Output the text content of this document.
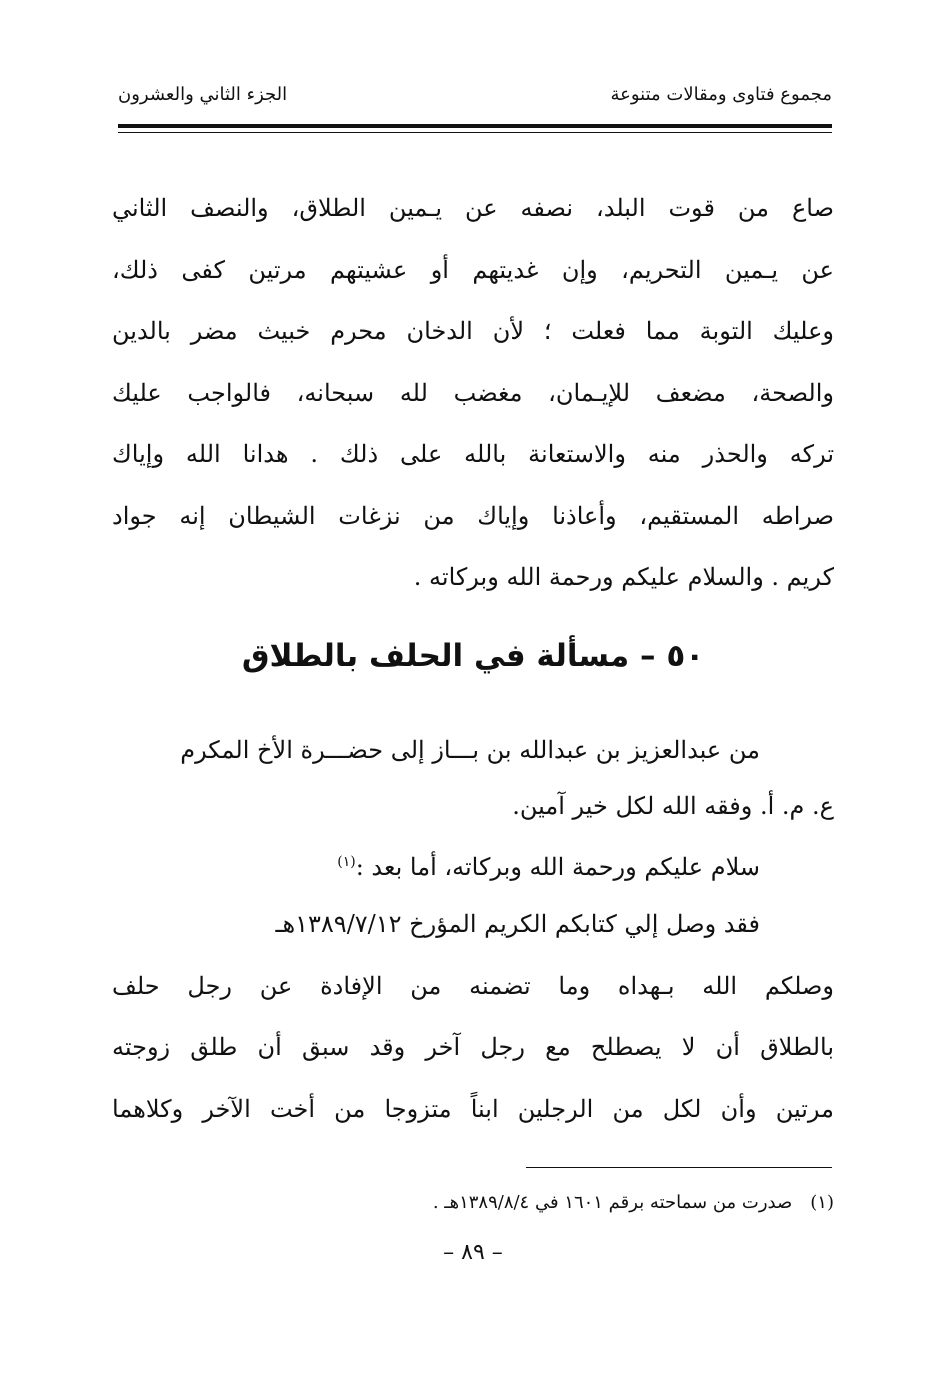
مجموع فتاوى ومقالات متنوعة
الجزء الثاني والعشرون
صاع من قوت البلد، نصفه عن يـمين الطلاق، والنصف الثاني
عن يـمين التحريم، وإن غديتهم أو عشيتهم مرتين كفى ذلك،
وعليك التوبة مما فعلت ؛ لأن الدخان محرم خبيث مضر بالدين
والصحة، مضعف للإيـمان، مغضب لله سبحانه، فالواجب عليك
تركه والحذر منه والاستعانة بالله على ذلك . هدانا الله وإياك
صراطه المستقيم، وأعاذنا وإياك من نزغات الشيطان إنه جواد
كريم . والسلام عليكم ورحمة الله وبركاته .
٥٠ – مسألة في الحلف بالطلاق
من عبدالعزيز بن عبدالله بن بـــاز إلى حضـــرة الأخ المكرم
ع. م. أ. وفقه الله لكل خير آمين.
سلام عليكم ورحمة الله وبركاته، أما بعد :$^{(١)}$
فقد وصل إلي كتابكم الكريم المؤرخ ١٣٨٩/٧/١٢هـ
وصلكم الله بـهداه وما تضمنه من الإفادة عن رجل حلف
بالطلاق أن لا يصطلح مع رجل آخر وقد سبق أن طلق زوجته
مرتين وأن لكل من الرجلين ابناً متزوجا من أخت الآخر وكلاهما
(١)صدرت من سماحته برقم ١٦٠١ في ١٣٨٩/٨/٤هـ .
– ٨٩ –
